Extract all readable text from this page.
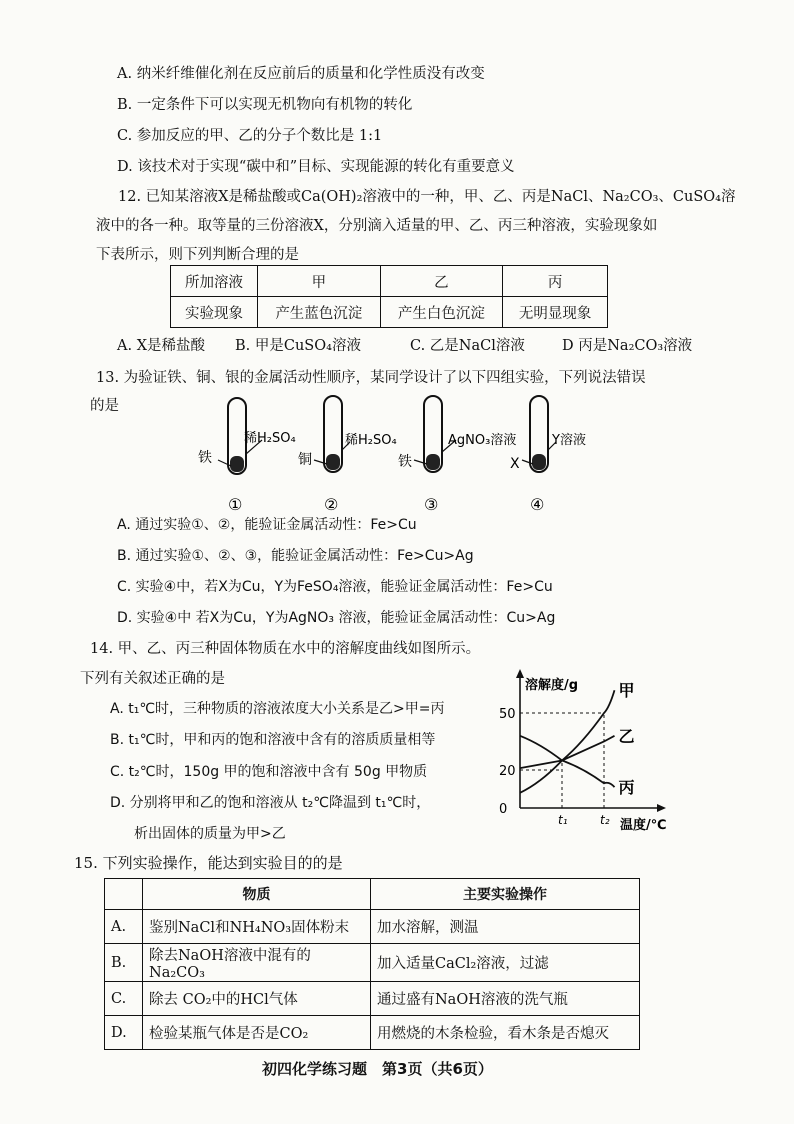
A. 纳米纤维催化剂在反应前后的质量和化学性质没有改变
B. 一定条件下可以实现无机物向有机物的转化
C. 参加反应的甲、乙的分子个数比是 1:1
D. 该技术对于实现“碳中和”目标、实现能源的转化有重要意义
12. 已知某溶液X是稀盐酸或Ca(OH)₂溶液中的一种，甲、乙、丙是NaCl、Na₂CO₃、CuSO₄溶
液中的各一种。取等量的三份溶液X，分别滴入适量的甲、乙、丙三种溶液，实验现象如
下表所示，则下列判断合理的是
所加溶液	甲	乙	丙
实验现象	产生蓝色沉淀	产生白色沉淀	无明显现象
A. X是稀盐酸 B. 甲是CuSO₄溶液	C. 乙是NaCl溶液	D 丙是Na₂CO₃溶液
13. 为验证铁、铜、银的金属活动性顺序，某同学设计了以下四组实验，下列说法错误
的是
铁
稀H₂SO₄
①
铜
稀H₂SO₄
②
铁
AgNO₃溶液
③
X
Y溶液
④
A. 通过实验①、②，能验证金属活动性：Fe>Cu
B. 通过实验①、②、③，能验证金属活动性：Fe>Cu>Ag
C. 实验④中，若X为Cu，Y为FeSO₄溶液，能验证金属活动性：Fe>Cu
D. 实验④中 若X为Cu，Y为AgNO₃ 溶液，能验证金属活动性：Cu>Ag
14. 甲、乙、丙三种固体物质在水中的溶解度曲线如图所示。
下列有关叙述正确的是
A. t₁℃时，三种物质的溶液浓度大小关系是乙>甲=丙
B. t₁℃时，甲和丙的饱和溶液中含有的溶质质量相等
C. t₂℃时，150g 甲的饱和溶液中含有 50g 甲物质
D. 分别将甲和乙的饱和溶液从 t₂℃降温到 t₁℃时，
析出固体的质量为甲>乙
溶解度/g
温度/℃
0
20
50
t₁	t₂
甲
乙
丙
15. 下列实验操作，能达到实验目的的是
	物质	主要实验操作
A.	鉴别NaCl和NH₄NO₃固体粉末	加水溶解，测温
B.	除去NaOH溶液中混有的Na₂CO₃	加入适量CaCl₂溶液，过滤
C.	除去 CO₂中的HCl气体	通过盛有NaOH溶液的洗气瓶
D.	检验某瓶气体是否是CO₂	用燃烧的木条检验，看木条是否熄灭
初四化学练习题　第3页（共6页）
